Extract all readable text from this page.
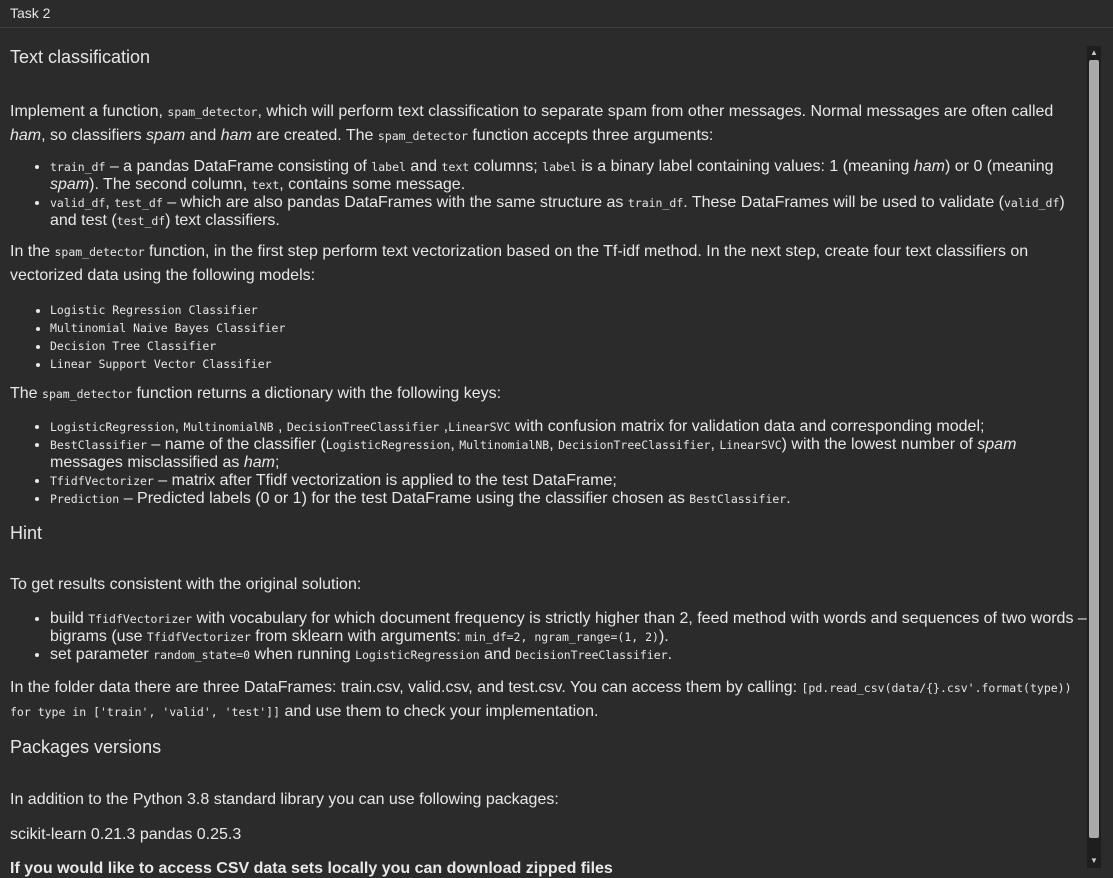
Task 2
Text classification

Implement a function, spam_detector, which will perform text classification to separate spam from other messages. Normal messages are often called ham, so classifiers spam and ham are created. The spam_detector function accepts three arguments:

• train_df – a pandas DataFrame consisting of label and text columns; label is a binary label containing values: 1 (meaning ham) or 0 (meaning spam). The second column, text, contains some message.
• valid_df, test_df – which are also pandas DataFrames with the same structure as train_df. These DataFrames will be used to validate (valid_df) and test (test_df) text classifiers.

In the spam_detector function, in the first step perform text vectorization based on the Tf-idf method. In the next step, create four text classifiers on vectorized data using the following models:

• Logistic Regression Classifier
• Multinomial Naive Bayes Classifier
• Decision Tree Classifier
• Linear Support Vector Classifier

The spam_detector function returns a dictionary with the following keys:

• LogisticRegression, MultinomialNB , DecisionTreeClassifier ,LinearSVC with confusion matrix for validation data and corresponding model;
• BestClassifier – name of the classifier (LogisticRegression, MultinomialNB, DecisionTreeClassifier, LinearSVC) with the lowest number of spam messages misclassified as ham;
• TfidfVectorizer – matrix after Tfidf vectorization is applied to the test DataFrame;
• Prediction – Predicted labels (0 or 1) for the test DataFrame using the classifier chosen as BestClassifier.
Hint

To get results consistent with the original solution:

• build TfidfVectorizer with vocabulary for which document frequency is strictly higher than 2, feed method with words and sequences of two words – bigrams (use TfidfVectorizer from sklearn with arguments: min_df=2, ngram_range=(1, 2)).
• set parameter random_state=0 when running LogisticRegression and DecisionTreeClassifier.

In the folder data there are three DataFrames: train.csv, valid.csv, and test.csv. You can access them by calling: [pd.read_csv(data/{}.csv'.format(type)) for type in ['train', 'valid', 'test']] and use them to check your implementation.

Packages versions

In addition to the Python 3.8 standard library you can use following packages:

scikit-learn 0.21.3 pandas 0.25.3

If you would like to access CSV data sets locally you can download zipped files

▲
▼
